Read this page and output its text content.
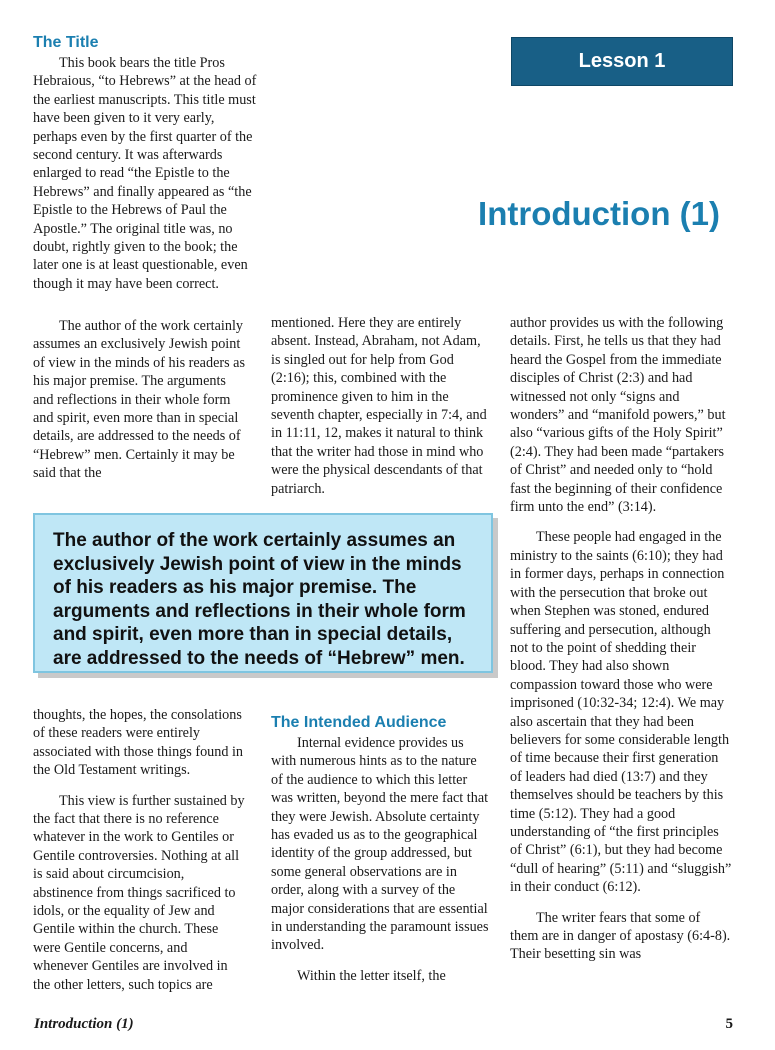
The Title

This book bears the title Pros Hebraious, “to Hebrews” at the head of the earliest manuscripts. This title must have been given to it very early, perhaps even by the first quarter of the second century. It was afterwards enlarged to read “the Epistle to the Hebrews” and finally appeared as “the Epistle to the Hebrews of Paul the Apostle.” The original title was, no doubt, rightly given to the book; the later one is at least questionable, even though it may have been correct.

Lesson 1
Introduction (1)

The author of the work certainly assumes an exclusively Jewish point of view in the minds of his readers as his major premise. The arguments and reflections in their whole form and spirit, even more than in special details, are addressed to the needs of “Hebrew” men. Certainly it may be said that the

mentioned. Here they are entirely absent. Instead, Abraham, not Adam, is singled out for help from God (2:16); this, combined with the prominence given to him in the seventh chapter, especially in 7:4, and in 11:11, 12, makes it natural to think that the writer had those in mind who were the physical descendants of that patriarch.

author provides us with the following details. First, he tells us that they had heard the Gospel from the immediate disciples of Christ (2:3) and had witnessed not only “signs and wonders” and “manifold powers,” but also “various gifts of the Holy Spirit” (2:4). They had been made “partakers of Christ” and needed only to “hold fast the beginning of their confidence firm unto the end” (3:14).

These people had engaged in the ministry to the saints (6:10); they had in former days, perhaps in connection with the persecution that broke out when Stephen was stoned, endured suffering and persecution, although not to the point of shedding their blood. They had also shown compassion toward those who were imprisoned (10:32-34; 12:4). We may also ascertain that they had been believers for some considerable length of time because their first generation of leaders had died (13:7) and they themselves should be teachers by this time (5:12). They had a good understanding of “the first principles of Christ” (6:1), but they had become “dull of hearing” (5:11) and “sluggish” in their conduct (6:12).

The writer fears that some of them are in danger of apostasy (6:4-8). Their besetting sin was

The author of the work certainly assumes an exclusively Jewish point of view in the minds of his readers as his major premise. The arguments and reflections in their whole form and spirit, even more than in special details, are addressed to the needs of “Hebrew” men.

thoughts, the hopes, the consolations of these readers were entirely associated with those things found in the Old Testament writings.

This view is further sustained by the fact that there is no reference whatever in the work to Gentiles or Gentile controversies. Nothing at all is said about circumcision, abstinence from things sacrificed to idols, or the equality of Jew and Gentile within the church. These were Gentile concerns, and whenever Gentiles are involved in the other letters, such topics are

The Intended Audience

Internal evidence provides us with numerous hints as to the nature of the audience to which this letter was written, beyond the mere fact that they were Jewish. Absolute certainty has evaded us as to the geographical identity of the group addressed, but some general observations are in order, along with a survey of the major considerations that are essential in understanding the paramount issues involved.

Within the letter itself, the

Introduction (1)	5
